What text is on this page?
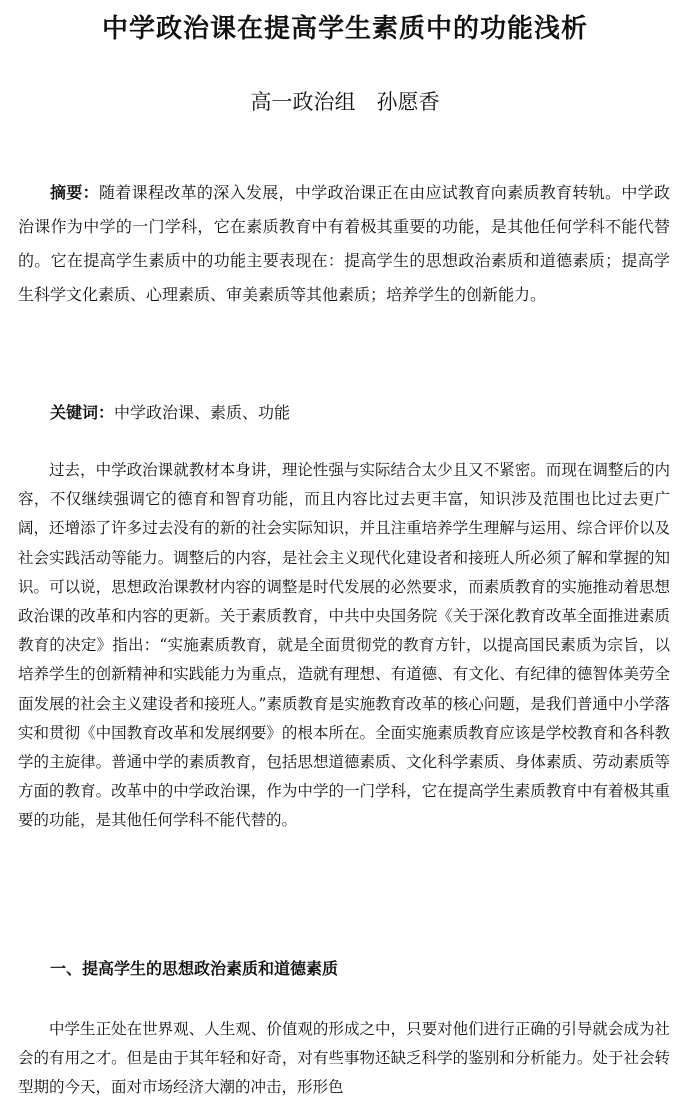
中学政治课在提高学生素质中的功能浅析
高一政治组　孙愿香
摘要：随着课程改革的深入发展，中学政治课正在由应试教育向素质教育转轨。中学政治课作为中学的一门学科，它在素质教育中有着极其重要的功能，是其他任何学科不能代替的。它在提高学生素质中的功能主要表现在：提高学生的思想政治素质和道德素质；提高学生科学文化素质、心理素质、审美素质等其他素质；培养学生的创新能力。
关键词：中学政治课、素质、功能
过去，中学政治课就教材本身讲，理论性强与实际结合太少且又不紧密。而现在调整后的内容，不仅继续强调它的德育和智育功能，而且内容比过去更丰富，知识涉及范围也比过去更广阔，还增添了许多过去没有的新的社会实际知识，并且注重培养学生理解与运用、综合评价以及社会实践活动等能力。调整后的内容，是社会主义现代化建设者和接班人所必须了解和掌握的知识。可以说，思想政治课教材内容的调整是时代发展的必然要求，而素质教育的实施推动着思想政治课的改革和内容的更新。关于素质教育，中共中央国务院《关于深化教育改革全面推进素质教育的决定》指出：“实施素质教育，就是全面贯彻党的教育方针，以提高国民素质为宗旨，以培养学生的创新精神和实践能力为重点，造就有理想、有道德、有文化、有纪律的德智体美劳全面发展的社会主义建设者和接班人。”素质教育是实施教育改革的核心问题，是我们普通中小学落实和贯彻《中国教育改革和发展纲要》的根本所在。全面实施素质教育应该是学校教育和各科教学的主旋律。普通中学的素质教育，包括思想道德素质、文化科学素质、身体素质、劳动素质等方面的教育。改革中的中学政治课，作为中学的一门学科，它在提高学生素质教育中有着极其重要的功能，是其他任何学科不能代替的。
一、提高学生的思想政治素质和道德素质
中学生正处在世界观、人生观、价值观的形成之中，只要对他们进行正确的引导就会成为社会的有用之才。但是由于其年轻和好奇，对有些事物还缺乏科学的鉴别和分析能力。处于社会转型期的今天，面对市场经济大潮的冲击，形形色
